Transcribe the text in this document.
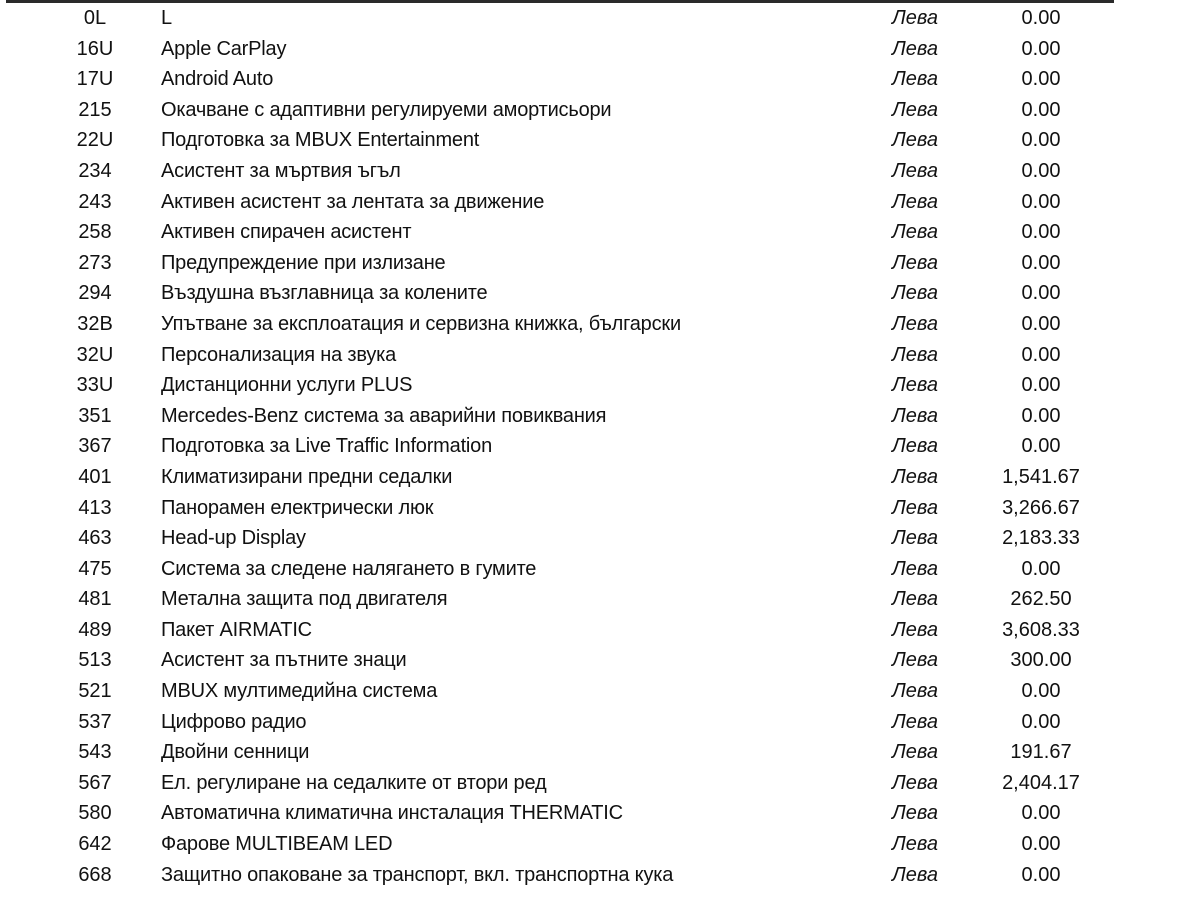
0L	L	Лева	0.00
16U	Apple CarPlay	Лева	0.00
17U	Android Auto	Лева	0.00
215	Окачване с адаптивни регулируеми амортисьори	Лева	0.00
22U	Подготовка за MBUX Entertainment	Лева	0.00
234	Асистент за мъртвия ъгъл	Лева	0.00
243	Активен асистент за лентата за движение	Лева	0.00
258	Активен спирачен асистент	Лева	0.00
273	Предупреждение при излизане	Лева	0.00
294	Въздушна възглавница за колените	Лева	0.00
32B	Упътване за експлоатация и сервизна книжка, български	Лева	0.00
32U	Персонализация на звука	Лева	0.00
33U	Дистанционни услуги PLUS	Лева	0.00
351	Mercedes-Benz система за аварийни повиквания	Лева	0.00
367	Подготовка за Live Traffic Information	Лева	0.00
401	Климатизирани предни седалки	Лева	1,541.67
413	Панорамен електрически люк	Лева	3,266.67
463	Head-up Display	Лева	2,183.33
475	Система за следене налягането в гумите	Лева	0.00
481	Метална защита под двигателя	Лева	262.50
489	Пакет AIRMATIC	Лева	3,608.33
513	Асистент за пътните знаци	Лева	300.00
521	MBUX мултимедийна система	Лева	0.00
537	Цифрово радио	Лева	0.00
543	Двойни сенници	Лева	191.67
567	Ел. регулиране на седалките от втори ред	Лева	2,404.17
580	Автоматична климатична инсталация THERMATIC	Лева	0.00
642	Фарове MULTIBEAM LED	Лева	0.00
668	Защитно опаковане за транспорт, вкл. транспортна кука	Лева	0.00
